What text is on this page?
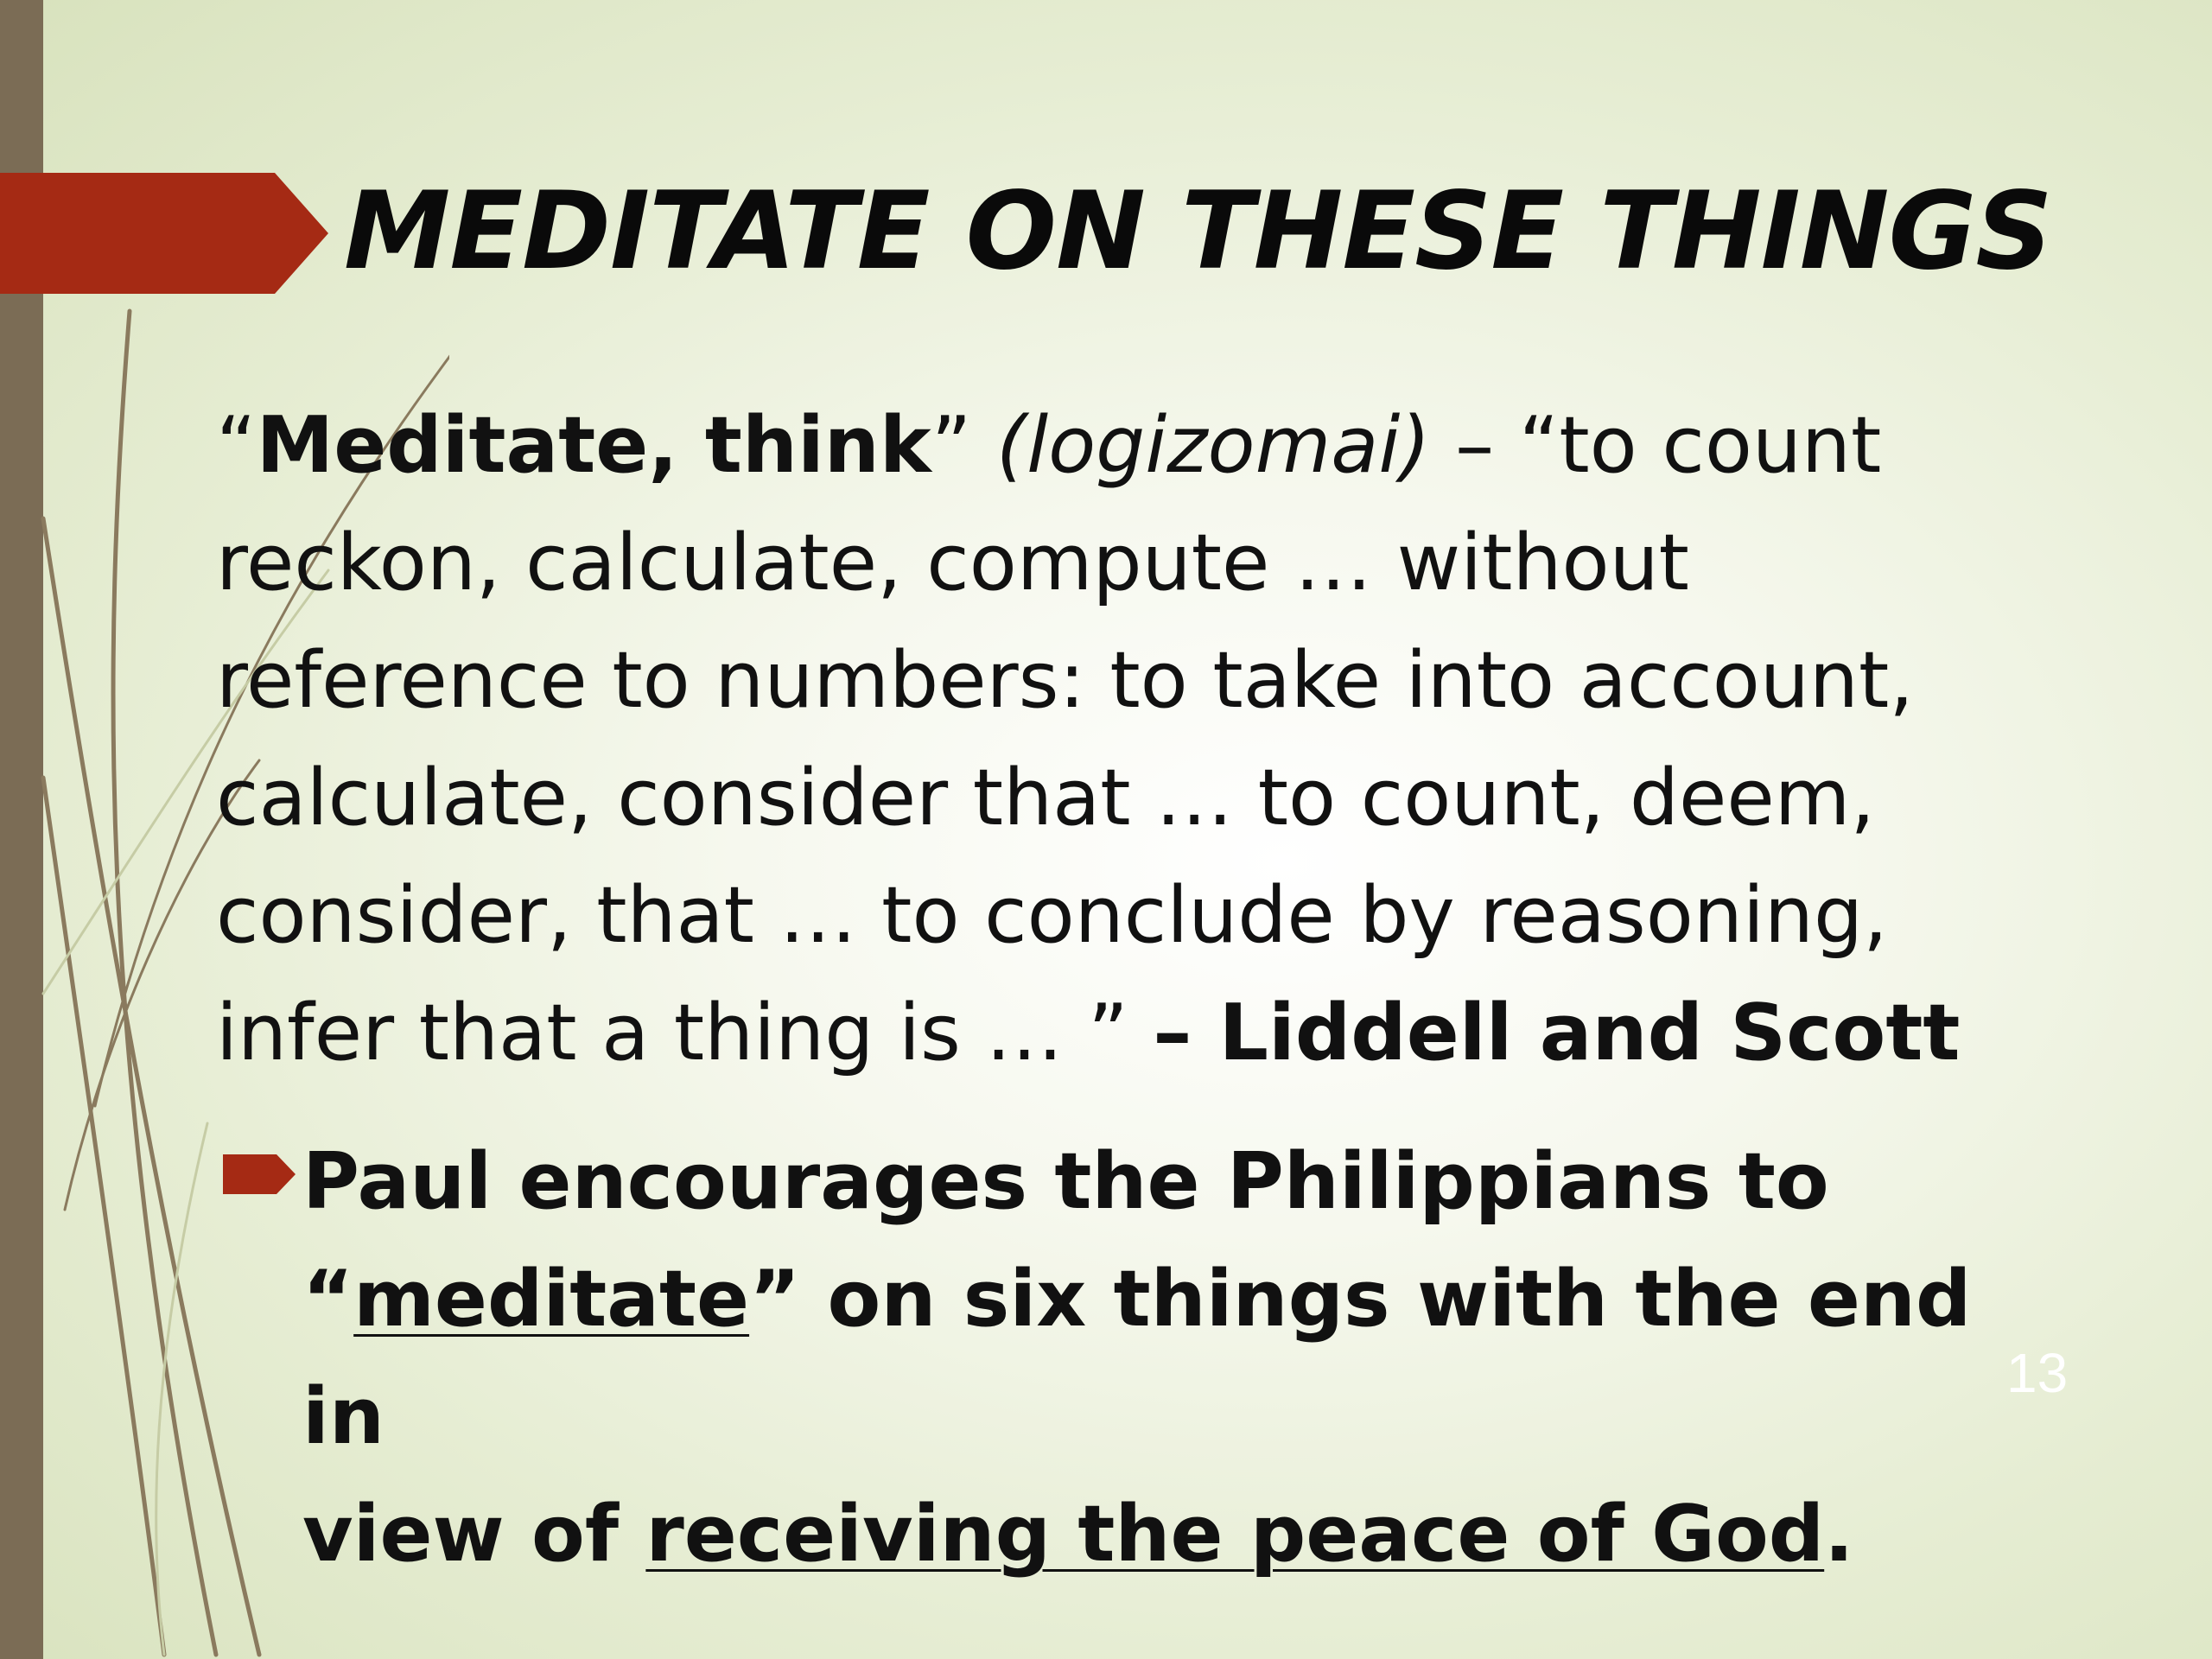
MEDITATE ON THESE THINGS

“Meditate, think” (logizomai) – “to count
reckon, calculate, compute … without
reference to numbers: to take into account,
calculate, consider that … to count, deem,
consider, that … to conclude by reasoning,
infer that a thing is … ” – Liddell and Scott

Paul encourages the Philippians to
“meditate” on six things with the end in
view of receiving the peace of God.

13
